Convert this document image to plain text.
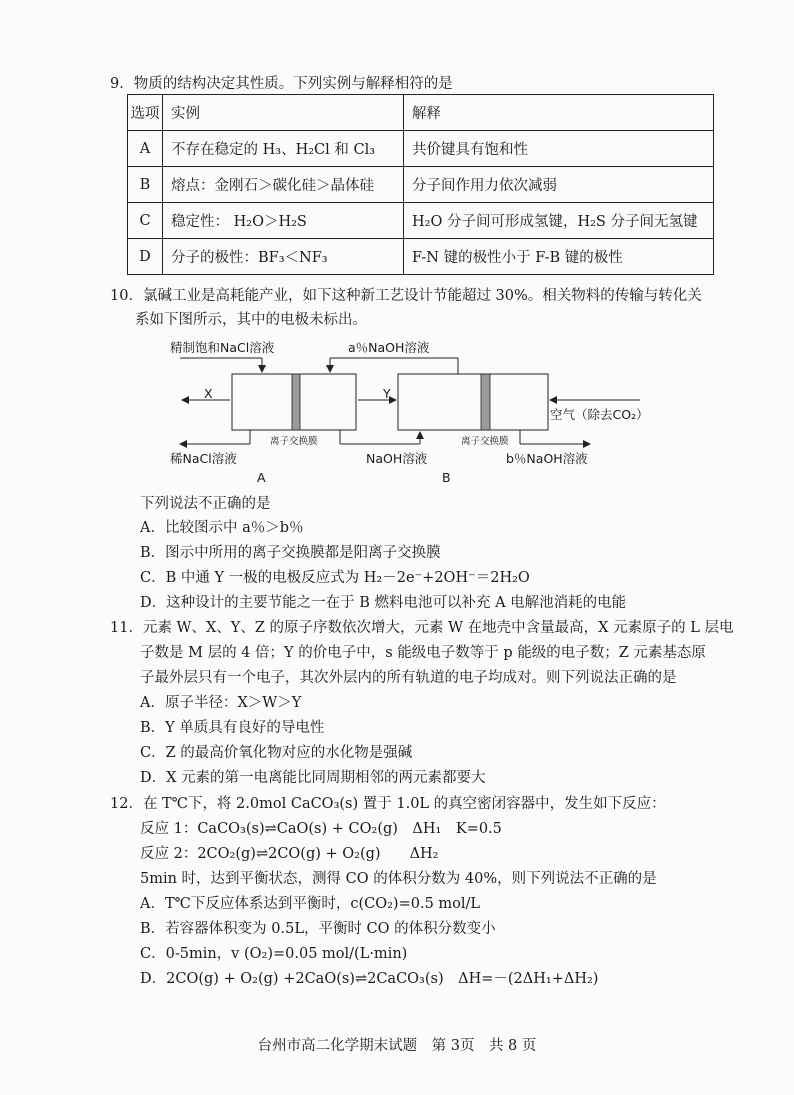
9．物质的结构决定其性质。下列实例与解释相符的是
选项	实例	解释
A	不存在稳定的 H₃、H₂Cl 和 Cl₃	共价键具有饱和性
B	熔点：金刚石＞碳化硅＞晶体硅	分子间作用力依次减弱
C	稳定性： H₂O＞H₂S	H₂O 分子间可形成氢键，H₂S 分子间无氢键
D	分子的极性：BF₃＜NF₃	F-N 键的极性小于 F-B 键的极性
10．氯碱工业是高耗能产业，如下这种新工艺设计节能超过 30%。相关物料的传输与转化关
系如下图所示，其中的电极未标出。
精制饱和NaCl溶液	a％NaOH溶液
X	Y
空气（除去CO₂）
离子交换膜	离子交换膜
稀NaCl溶液	NaOH溶液	b％NaOH溶液
A	B
下列说法不正确的是
A．比较图示中 a％＞b％
B．图示中所用的离子交换膜都是阳离子交换膜
C．B 中通 Y 一极的电极反应式为 H₂－2e⁻+2OH⁻＝2H₂O
D．这种设计的主要节能之一在于 B 燃料电池可以补充 A 电解池消耗的电能
11．元素 W、X、Y、Z 的原子序数依次增大，元素 W 在地壳中含量最高，X 元素原子的 L 层电
子数是 M 层的 4 倍；Y 的价电子中，s 能级电子数等于 p 能级的电子数；Z 元素基态原
子最外层只有一个电子，其次外层内的所有轨道的电子均成对。则下列说法正确的是
A．原子半径：X＞W＞Y
B．Y 单质具有良好的导电性
C．Z 的最高价氧化物对应的水化物是强碱
D．X 元素的第一电离能比同周期相邻的两元素都要大
12．在 T℃下，将 2.0mol CaCO₃(s) 置于 1.0L 的真空密闭容器中，发生如下反应：
反应 1：CaCO₃(s)⇌CaO(s) + CO₂(g)　ΔH₁　K=0.5
反应 2：2CO₂(g)⇌2CO(g) + O₂(g)　　ΔH₂
5min 时，达到平衡状态，测得 CO 的体积分数为 40%，则下列说法不正确的是
A．T℃下反应体系达到平衡时，c(CO₂)=0.5 mol/L
B．若容器体积变为 0.5L，平衡时 CO 的体积分数变小
C．0-5min，v (O₂)=0.05 mol/(L·min)
D．2CO(g) + O₂(g) +2CaO(s)⇌2CaCO₃(s)　ΔH=－(2ΔH₁+ΔH₂)
台州市高二化学期末试题　第 3页　共 8 页
